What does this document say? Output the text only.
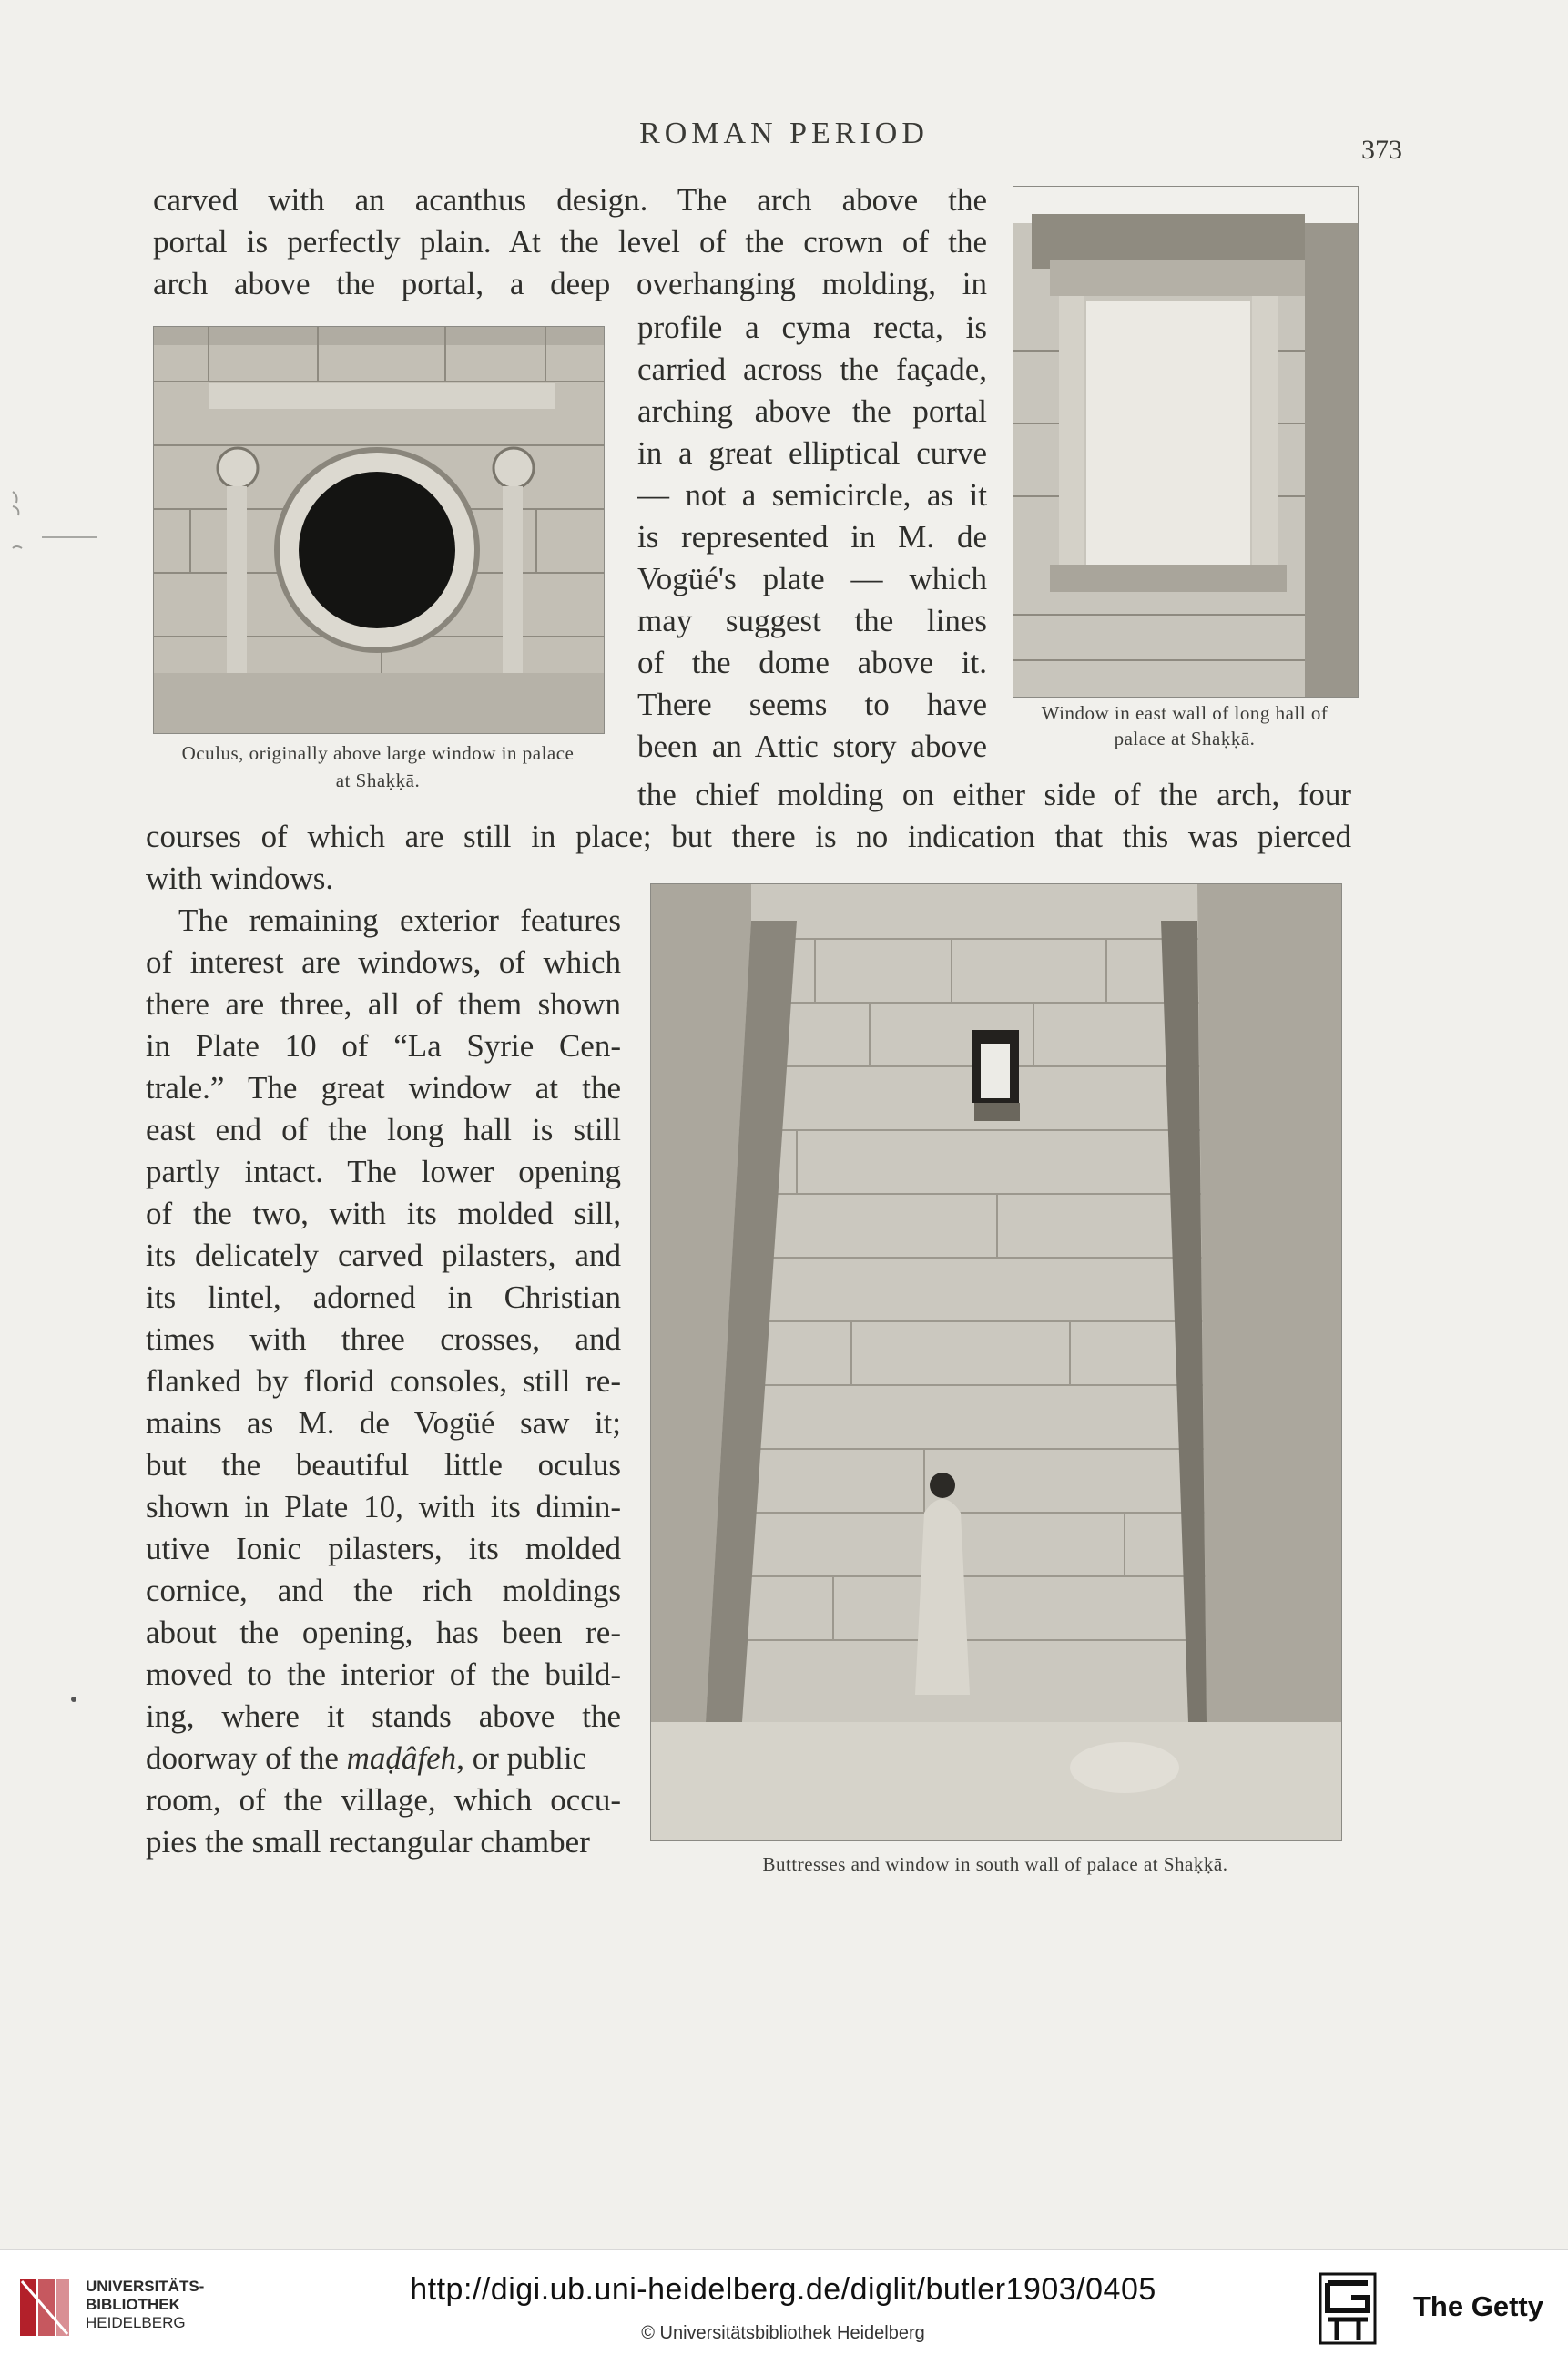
ROMAN PERIOD	373
carved with an acanthus design. The arch above the
portal is perfectly plain. At the level of the crown of the
arch above the portal, a deep overhanging molding, in
profile a cyma recta, is
carried across the façade,
arching above the portal
in a great elliptical curve
— not a semicircle, as it
is represented in M. de
Vogüé's plate — which
may suggest the lines
of the dome above it.
There seems to have
been an Attic story above
the chief molding on either side of the arch, four
courses of which are still in place; but there is no indication that this was pierced
with windows.
The remaining exterior features
of interest are windows, of which
there are three, all of them shown
in Plate 10 of “La Syrie Cen-
trale.” The great window at the
east end of the long hall is still
partly intact. The lower opening
of the two, with its molded sill,
its delicately carved pilasters, and
its lintel, adorned in Christian
times with three crosses, and
flanked by florid consoles, still re-
mains as M. de Vogüé saw it;
but the beautiful little oculus
shown in Plate 10, with its dimin-
utive Ionic pilasters, its molded
cornice, and the rich moldings
about the opening, has been re-
moved to the interior of the build-
ing, where it stands above the
doorway of the maḍâfeh, or public
room, of the village, which occu-
pies the small rectangular chamber
Oculus, originally above large window in palace
at Shaḳḳā.
Window in east wall of long hall of
palace at Shaḳḳā.
Buttresses and window in south wall of palace at Shaḳḳā.
UNIVERSITÄTS-
BIBLIOTHEK
HEIDELBERG
http://digi.ub.uni-heidelberg.de/diglit/butler1903/0405
© Universitätsbibliothek Heidelberg
The Getty
